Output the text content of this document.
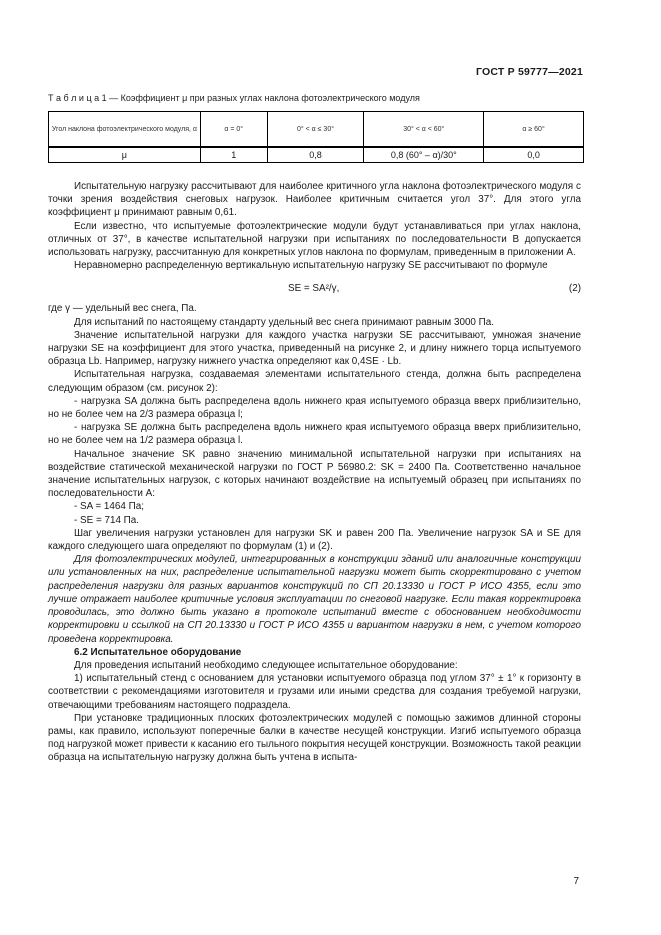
ГОСТ Р 59777—2021
Т а б л и ц а 1 — Коэффициент μ при разных углах наклона фотоэлектрического модуля
Угол наклона фотоэлектрического модуля, α	α = 0°	0° < α ≤ 30°	30° < α < 60°	α ≥ 60°
μ	1	0,8	0,8 (60° – α)/30°	0,0

Испытательную нагрузку рассчитывают для наиболее критичного угла наклона фотоэлектрического модуля с точки зрения воздействия снеговых нагрузок. Наиболее критичным считается угол 37°. Для этого угла коэффициент μ принимают равным 0,61.

Если известно, что испытуемые фотоэлектрические модули будут устанавливаться при углах наклона, отличных от 37°, в качестве испытательной нагрузки при испытаниях по последовательности B допускается использовать нагрузку, рассчитанную для конкретных углов наклона по формулам, приведенным в приложении А.

Неравномерно распределенную вертикальную испытательную нагрузку SE рассчитывают по формуле

SE = SA²/γ,	(2)

где γ — удельный вес снега, Па.

Для испытаний по настоящему стандарту удельный вес снега принимают равным 3000 Па.

Значение испытательной нагрузки для каждого участка нагрузки SE рассчитывают, умножая значение нагрузки SE на коэффициент для этого участка, приведенный на рисунке 2, и длину нижнего торца испытуемого образца Lb. Например, нагрузку нижнего участка определяют как 0,4SE · Lb.

Испытательная нагрузка, создаваемая элементами испытательного стенда, должна быть распределена следующим образом (см. рисунок 2):

- нагрузка SA должна быть распределена вдоль нижнего края испытуемого образца вверх приблизительно, но не более чем на 2/3 размера образца l;

- нагрузка SE должна быть распределена вдоль нижнего края испытуемого образца вверх приблизительно, но не более чем на 1/2 размера образца l.

Начальное значение SK равно значению минимальной испытательной нагрузки при испытаниях на воздействие статической механической нагрузки по ГОСТ Р 56980.2: SK = 2400 Па. Соответственно начальное значение испытательных нагрузок, с которых начинают воздействие на испытуемый образец при испытаниях по последовательности А:

- SA = 1464 Па;

- SE = 714 Па.

Шаг увеличения нагрузки установлен для нагрузки SK и равен 200 Па. Увеличение нагрузок SA и SE для каждого следующего шага определяют по формулам (1) и (2).

Для фотоэлектрических модулей, интегрированных в конструкции зданий или аналогичные конструкции или установленных на них, распределение испытательной нагрузки может быть скорректировано с учетом распределения нагрузки для разных вариантов конструкций по СП 20.13330 и ГОСТ Р ИСО 4355, если это лучше отражает наиболее критичные условия эксплуатации по снеговой нагрузке. Если такая корректировка проводилась, это должно быть указано в протоколе испытаний вместе с обоснованием необходимости корректировки и ссылкой на СП 20.13330 и ГОСТ Р ИСО 4355 и вариантом нагрузки в нем, с учетом которого проведена корректировка.

6.2 Испытательное оборудование

Для проведения испытаний необходимо следующее испытательное оборудование:

1) испытательный стенд с основанием для установки испытуемого образца под углом 37° ± 1° к горизонту в соответствии с рекомендациями изготовителя и грузами или иными средства для создания требуемой нагрузки, отвечающими требованиям настоящего подраздела.

При установке традиционных плоских фотоэлектрических модулей с помощью зажимов длинной стороны рамы, как правило, используют поперечные балки в качестве несущей конструкции. Изгиб испытуемого образца под нагрузкой может привести к касанию его тыльного покрытия несущей конструкции. Возможность такой реакции образца на испытательную нагрузку должна быть учтена в испыта-

7
